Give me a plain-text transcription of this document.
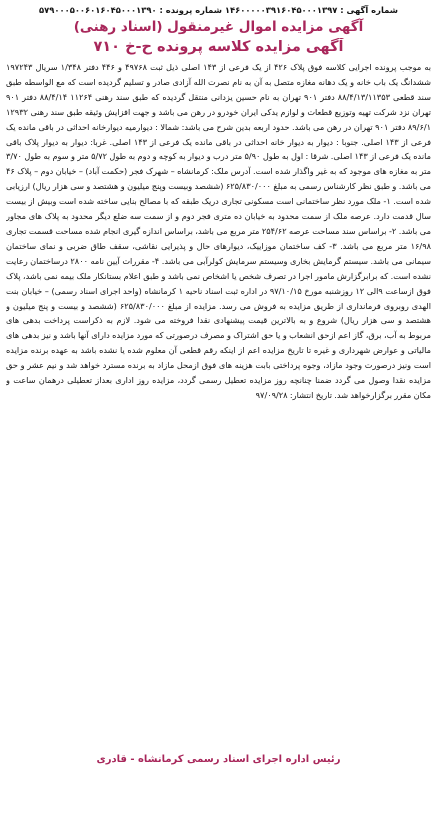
شماره آگهی : ۱۴۶۰۰۰۰۰۳۹۱۶۰۴۵۰۰۰۱۳۹۷ شماره پرونده : ۵۷۹۰۰۰۵۰۰۶۰۱۶۰۴۵۰۰۰۱۳۹۰
آگهی مزایده اموال غیرمنقول (اسناد رهنی)
آگهی مزایده کلاسه پرونده ح-خ ۷۱۰
به موجب پرونده اجرایی کلاسه فوق پلاک ۴۲۶ از یک فرعی از ۱۴۳ اصلی ذیل ثبت ۴۹۷۶۸ و ۴۴۶ دفتر ۱/۳۴۸ سریال ۱۹۷۲۴۳ ششدانگ یک باب خانه و یک دهانه مغازه متصل به آن به نام نصرت الله آزادی صادر و تسلیم گردیده است که مع الواسطه طبق سند قطعی ۸۸/۴/۱۳/۱۱۳۵۳ دفتر ۹۰۱ تهران به نام حسین یزدانی منتقل گردیده که طبق سند رهنی ۱۱۲۶۴ ۸۸/۴/۱۴ دفتر ۹۰۱ تهران نزد شرکت تهیه وتوزیع قطعات و لوازم یدکی ایران خودرو در رهن می باشد و جهت افزایش وثیقه طبق سند رهنی ۱۲۹۳۲ ۸۹/۶/۱ دفتر ۹۰۱ تهران در رهن می باشد. حدود اربعه بدین شرح می باشد: شمالا : دیوارمیه دیوارخانه احداثی در باقی مانده یک فرعی از ۱۴۳ اصلی. جنوبا : دیوار به دیوار خانه احداثی در باقی مانده یک فرعی از ۱۴۳ اصلی. غربا: دیوار به دیوار پلاک باقی مانده یک فرعی از ۱۴۳ اصلی. شرقا : اول به طول ۵/۹۰ متر درب و دیوار به کوچه و دوم به طول ۵/۷۲ متر و سوم به طول ۳/۷۰ متر به مغازه های موجود که به غیر واگذار شده است. آدرس ملک: کرمانشاه – شهرک فجر (حکمت آباد) – خیابان دوم – پلاک ۴۶ می باشد. و طبق نظر کارشناس رسمی به مبلغ ۶۲۵/۸۳۰/۰۰۰ (ششصد وبیست وپنج میلیون و هشتصد و سی هزار ریال) ارزیابی شده است. ۱- ملک مورد نظر ساختمانی است مسکونی تجاری دریک طبقه که با مصالح بنایی ساخته شده است وبیش از بیست سال قدمت دارد. عرصه ملک از سمت محدود به خیابان ده متری فجر دوم و از سمت سه ضلع دیگر محدود به پلاک های مجاور می باشد. ۲- براساس سند مساحت عرصه ۲۵۴/۶۲ متر مربع می باشد، براساس اندازه گیری انجام شده مساحت قسمت تجاری ۱۶/۹۸ متر مربع می باشد. ۳- کف ساختمان موزاییک، دیوارهای حال و پذیرایی نقاشی، سقف طاق ضربی و نمای ساختمان سیمانی می باشد. سیستم گرمایش بخاری وسیستم سرمایش کولرآبی می باشد. ۴- مقررات آیین نامه ۲۸۰۰ درساختمان رعایت نشده است. که برابرگزارش مامور اجرا در تصرف شخص یا اشخاص نمی باشد و طبق اعلام بستانکار ملک بیمه نمی باشد، پلاک فوق ازساعت ۹الی ۱۲ روزشنبه مورخ ۹۷/۱۰/۱۵ در اداره ثبت اسناد ناحیه ۱ کرمانشاه (واحد اجرای اسناد رسمی) – خیابان بنت الهدی روبروی فرمانداری از طریق مزایده به فروش می رسد. مزایده از مبلغ ۶۲۵/۸۳۰/۰۰۰ (ششصد و بیست و پنج میلیون و هشتصد و سی هزار ریال) شروع و به بالاترین قیمت پیشنهادی نقدا فروخته می شود. لازم به ذکراست پرداخت بدهی های مربوط به آب، برق، گاز اعم ازحق انشعاب و یا حق اشتراک و مصرف درصورتی که مورد مزایده دارای آنها باشد و نیز بدهی های مالیاتی و عوارض شهرداری و غیره تا تاریخ مزایده اعم از اینکه رقم قطعی آن معلوم شده یا نشده باشد به عهده برنده مزایده است ونیز درصورت وجود مازاد، وجوه پرداختی بابت هزینه های فوق ازمحل مازاد به برنده مسترد خواهد شد و نیم عشر و حق مزایده نقدا وصول می گردد ضمنا چنانچه روز مزایده تعطیل رسمی گردد، مزایده روز اداری بعداز تعطیلی درهمان ساعت و مکان مقرر برگزارخواهد شد. تاریخ انتشار: ۹۷/۰۹/۲۸
رئیس اداره اجرای اسناد رسمی کرمانشاه - قادری
